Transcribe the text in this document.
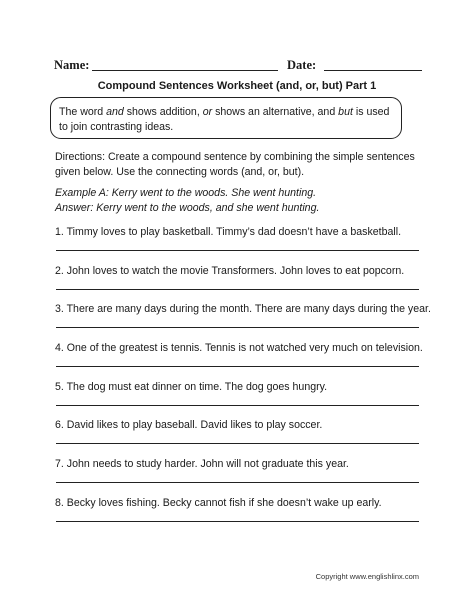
Name:	Date:
Compound Sentences Worksheet (and, or, but) Part 1
The word and shows addition, or shows an alternative, and but is used to join contrasting ideas.
Directions: Create a compound sentence by combining the simple sentences given below. Use the connecting words (and, or, but).
Example A: Kerry went to the woods. She went hunting.
Answer: Kerry went to the woods, and she went hunting.
1. Timmy loves to play basketball. Timmy’s dad doesn’t have a basketball.
2. John loves to watch the movie Transformers. John loves to eat popcorn.
3. There are many days during the month. There are many days during the year.
4. One of the greatest is tennis. Tennis is not watched very much on television.
5. The dog must eat dinner on time. The dog goes hungry.
6. David likes to play baseball. David likes to play soccer.
7. John needs to study harder. John will not graduate this year.
8. Becky loves fishing. Becky cannot fish if she doesn’t wake up early.
Copyright www.englishlinx.com
